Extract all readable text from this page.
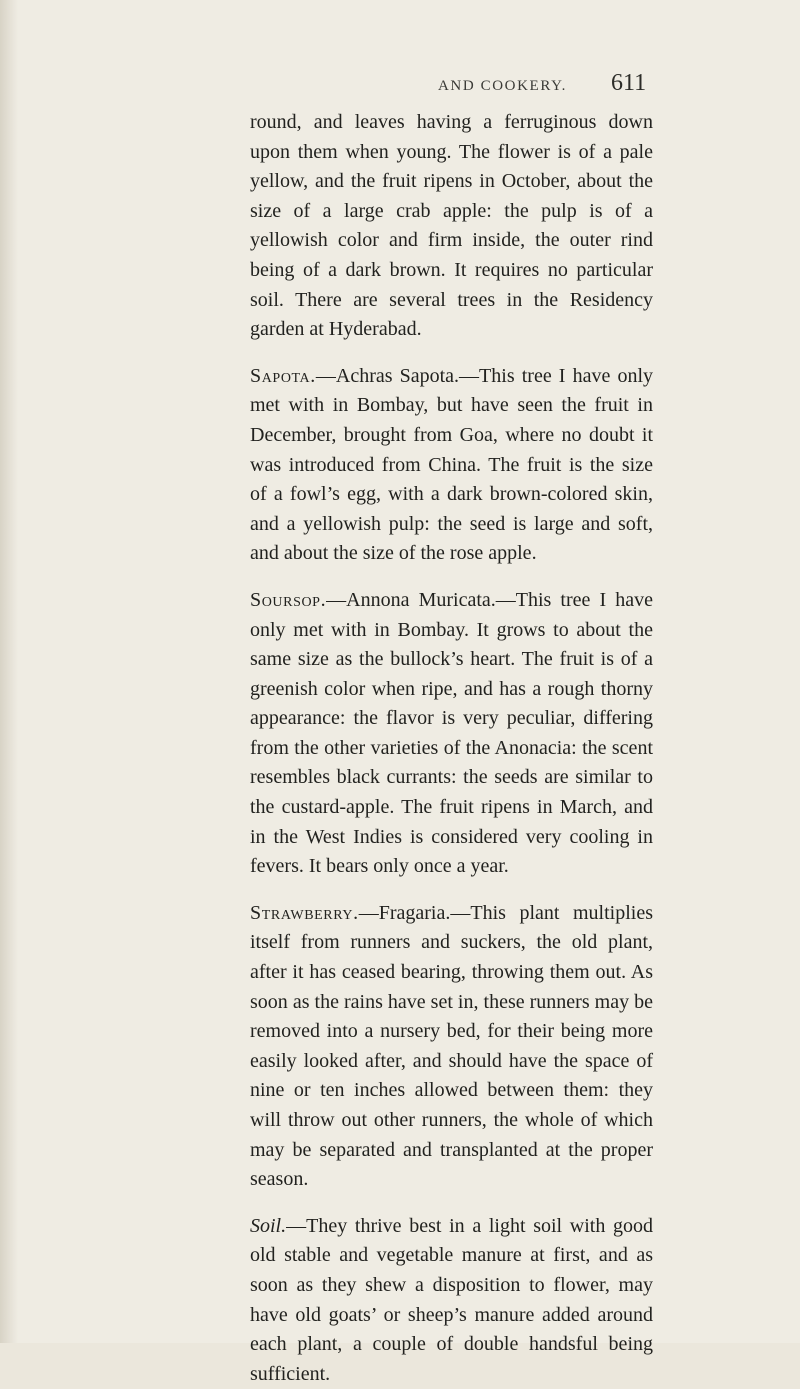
AND COOKERY. 611

round, and leaves having a ferruginous down upon them when young. The flower is of a pale yellow, and the fruit ripens in October, about the size of a large crab apple: the pulp is of a yellowish color and firm inside, the outer rind being of a dark brown. It requires no particular soil. There are several trees in the Residency garden at Hyderabad.

Sapota.—Achras Sapota.—This tree I have only met with in Bombay, but have seen the fruit in December, brought from Goa, where no doubt it was introduced from China. The fruit is the size of a fowl’s egg, with a dark brown-colored skin, and a yellowish pulp: the seed is large and soft, and about the size of the rose apple.

Soursop.—Annona Muricata.—This tree I have only met with in Bombay. It grows to about the same size as the bullock’s heart. The fruit is of a greenish color when ripe, and has a rough thorny appearance: the flavor is very peculiar, differing from the other varieties of the Anonacia: the scent resembles black currants: the seeds are similar to the custard-apple. The fruit ripens in March, and in the West Indies is considered very cooling in fevers. It bears only once a year.

Strawberry.—Fragaria.—This plant multiplies itself from runners and suckers, the old plant, after it has ceased bearing, throwing them out. As soon as the rains have set in, these runners may be removed into a nursery bed, for their being more easily looked after, and should have the space of nine or ten inches allowed between them: they will throw out other runners, the whole of which may be separated and transplanted at the proper season.

Soil.—They thrive best in a light soil with good old stable and vegetable manure at first, and as soon as they shew a disposition to flower, may have old goats’ or sheep’s manure added around each plant, a couple of double handsful being sufficient.
